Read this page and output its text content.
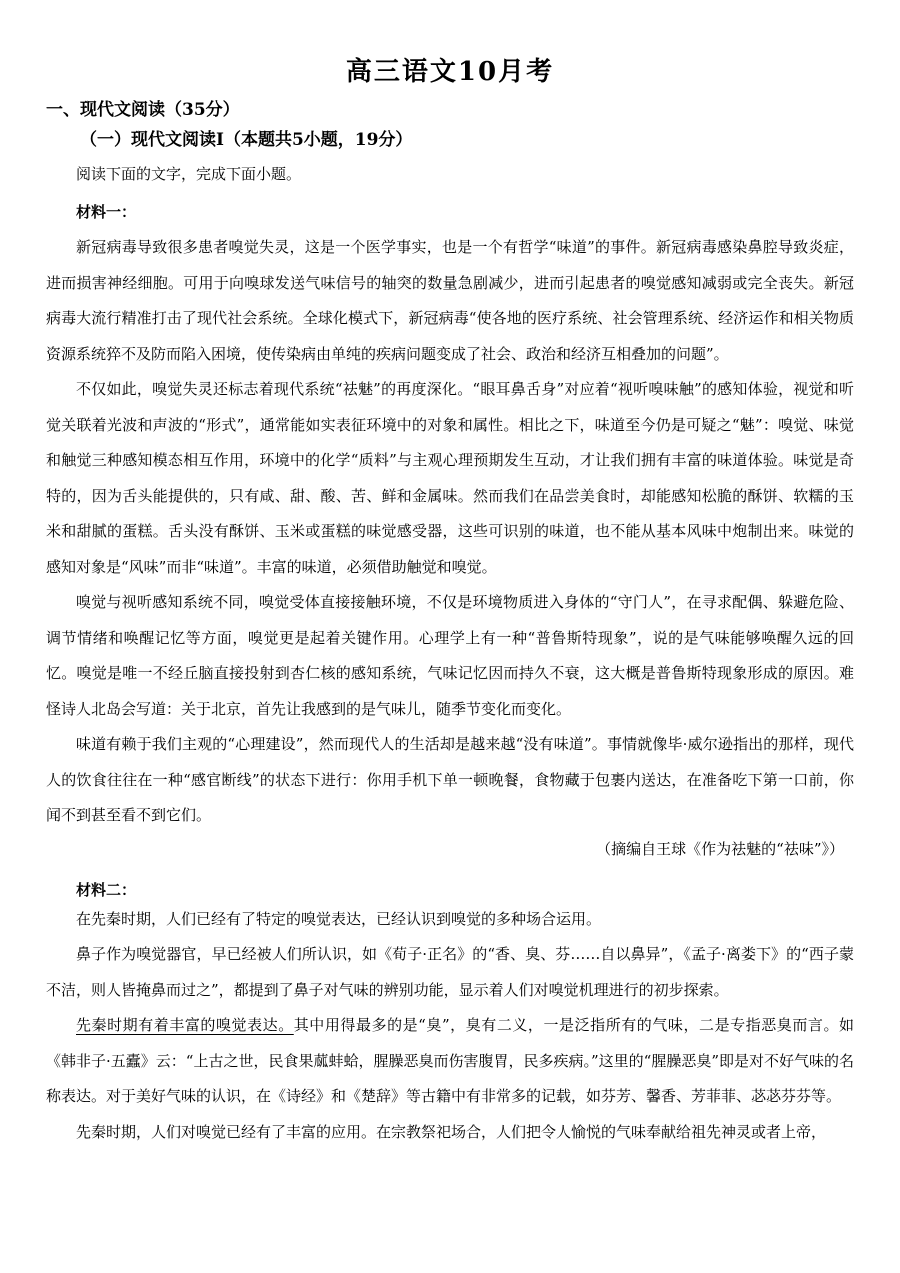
高三语文10月考
一、现代文阅读（35分）
（一）现代文阅读Ⅰ（本题共5小题，19分）
阅读下面的文字，完成下面小题。
材料一：

新冠病毒导致很多患者嗅觉失灵，这是一个医学事实，也是一个有哲学“味道”的事件。新冠病毒感染鼻腔导致炎症，进而损害神经细胞。可用于向嗅球发送气味信号的轴突的数量急剧减少，进而引起患者的嗅觉感知减弱或完全丧失。新冠病毒大流行精准打击了现代社会系统。全球化模式下，新冠病毒“使各地的医疗系统、社会管理系统、经济运作和相关物质资源系统猝不及防而陷入困境，使传染病由单纯的疾病问题变成了社会、政治和经济互相叠加的问题”。

不仅如此，嗅觉失灵还标志着现代系统“祛魅”的再度深化。“眼耳鼻舌身”对应着“视听嗅味触”的感知体验，视觉和听觉关联着光波和声波的“形式”，通常能如实表征环境中的对象和属性。相比之下，味道至今仍是可疑之“魅”：嗅觉、味觉和触觉三种感知模态相互作用，环境中的化学“质料”与主观心理预期发生互动，才让我们拥有丰富的味道体验。味觉是奇特的，因为舌头能提供的，只有咸、甜、酸、苦、鲜和金属味。然而我们在品尝美食时，却能感知松脆的酥饼、软糯的玉米和甜腻的蛋糕。舌头没有酥饼、玉米或蛋糕的味觉感受器，这些可识别的味道，也不能从基本风味中炮制出来。味觉的感知对象是“风味”而非“味道”。丰富的味道，必须借助触觉和嗅觉。

嗅觉与视听感知系统不同，嗅觉受体直接接触环境，不仅是环境物质进入身体的“守门人”，在寻求配偶、躲避危险、调节情绪和唤醒记忆等方面，嗅觉更是起着关键作用。心理学上有一种“普鲁斯特现象”，说的是气味能够唤醒久远的回忆。嗅觉是唯一不经丘脑直接投射到杏仁核的感知系统，气味记忆因而持久不衰，这大概是普鲁斯特现象形成的原因。难怪诗人北岛会写道：关于北京，首先让我感到的是气味儿，随季节变化而变化。

味道有赖于我们主观的“心理建设”，然而现代人的生活却是越来越“没有味道”。事情就像毕·威尔逊指出的那样，现代人的饮食往往在一种“感官断线”的状态下进行：你用手机下单一顿晚餐，食物藏于包裹内送达，在准备吃下第一口前，你闻不到甚至看不到它们。

（摘编自王球《作为祛魅的“祛味”》）

材料二：

在先秦时期，人们已经有了特定的嗅觉表达，已经认识到嗅觉的多种场合运用。

鼻子作为嗅觉器官，早已经被人们所认识，如《荀子·正名》的“香、臭、芬……自以鼻异”，《孟子·离娄下》的“西子蒙不洁，则人皆掩鼻而过之”，都提到了鼻子对气味的辨别功能，显示着人们对嗅觉机理进行的初步探索。

先秦时期有着丰富的嗅觉表达。其中用得最多的是“臭”，臭有二义，一是泛指所有的气味，二是专指恶臭而言。如《韩非子·五蠹》云：“上古之世，民食果蓏蚌蛤，腥臊恶臭而伤害腹胃，民多疾病。”这里的“腥臊恶臭”即是对不好气味的名称表达。对于美好气味的认识，在《诗经》和《楚辞》等古籍中有非常多的记载，如芬芳、馨香、芳菲菲、苾苾芬芬等。

先秦时期，人们对嗅觉已经有了丰富的应用。在宗教祭祀场合，人们把令人愉悦的气味奉献给祖先神灵或者上帝，
